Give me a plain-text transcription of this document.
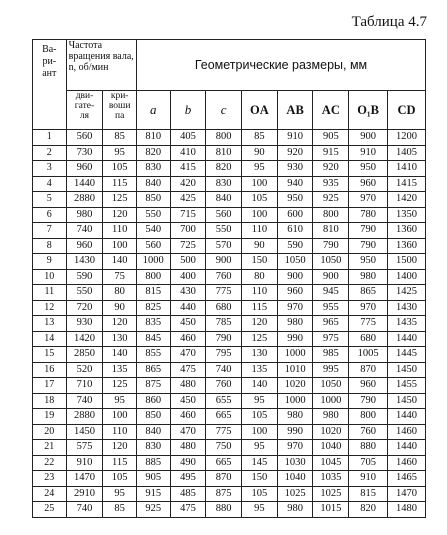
Таблица 4.7
Ва-
ри-
ант	Частота вращения вала, n, об/мин		Геометрические размеры, мм							
	дви-
гате-
ля	кри-
воши
па	a	b	c	OA	AB	AC	O₁B	CD
1	560	85	810	405	800	85	910	905	900	1200
2	730	95	820	410	810	90	920	915	910	1405
3	960	105	830	415	820	95	930	920	950	1410
4	1440	115	840	420	830	100	940	935	960	1415
5	2880	125	850	425	840	105	950	925	970	1420
6	980	120	550	715	560	100	600	800	780	1350
7	740	110	540	700	550	110	610	810	790	1360
8	960	100	560	725	570	90	590	790	790	1360
9	1430	140	1000	500	900	150	1050	1050	950	1500
10	590	75	800	400	760	80	900	900	980	1400
11	550	80	815	430	775	110	960	945	865	1425
12	720	90	825	440	680	115	970	955	970	1430
13	930	120	835	450	785	120	980	965	775	1435
14	1420	130	845	460	790	125	990	975	680	1440
15	2850	140	855	470	795	130	1000	985	1005	1445
16	520	135	865	475	740	135	1010	995	870	1450
17	710	125	875	480	760	140	1020	1050	960	1455
18	740	95	860	450	655	95	1000	1000	790	1450
19	2880	100	850	460	665	105	980	980	800	1440
20	1450	110	840	470	775	100	990	1020	760	1460
21	575	120	830	480	750	95	970	1040	880	1440
22	910	115	885	490	665	145	1030	1045	705	1460
23	1470	105	905	495	870	150	1040	1035	910	1465
24	2910	95	915	485	875	105	1025	1025	815	1470
25	740	85	925	475	880	95	980	1015	820	1480
